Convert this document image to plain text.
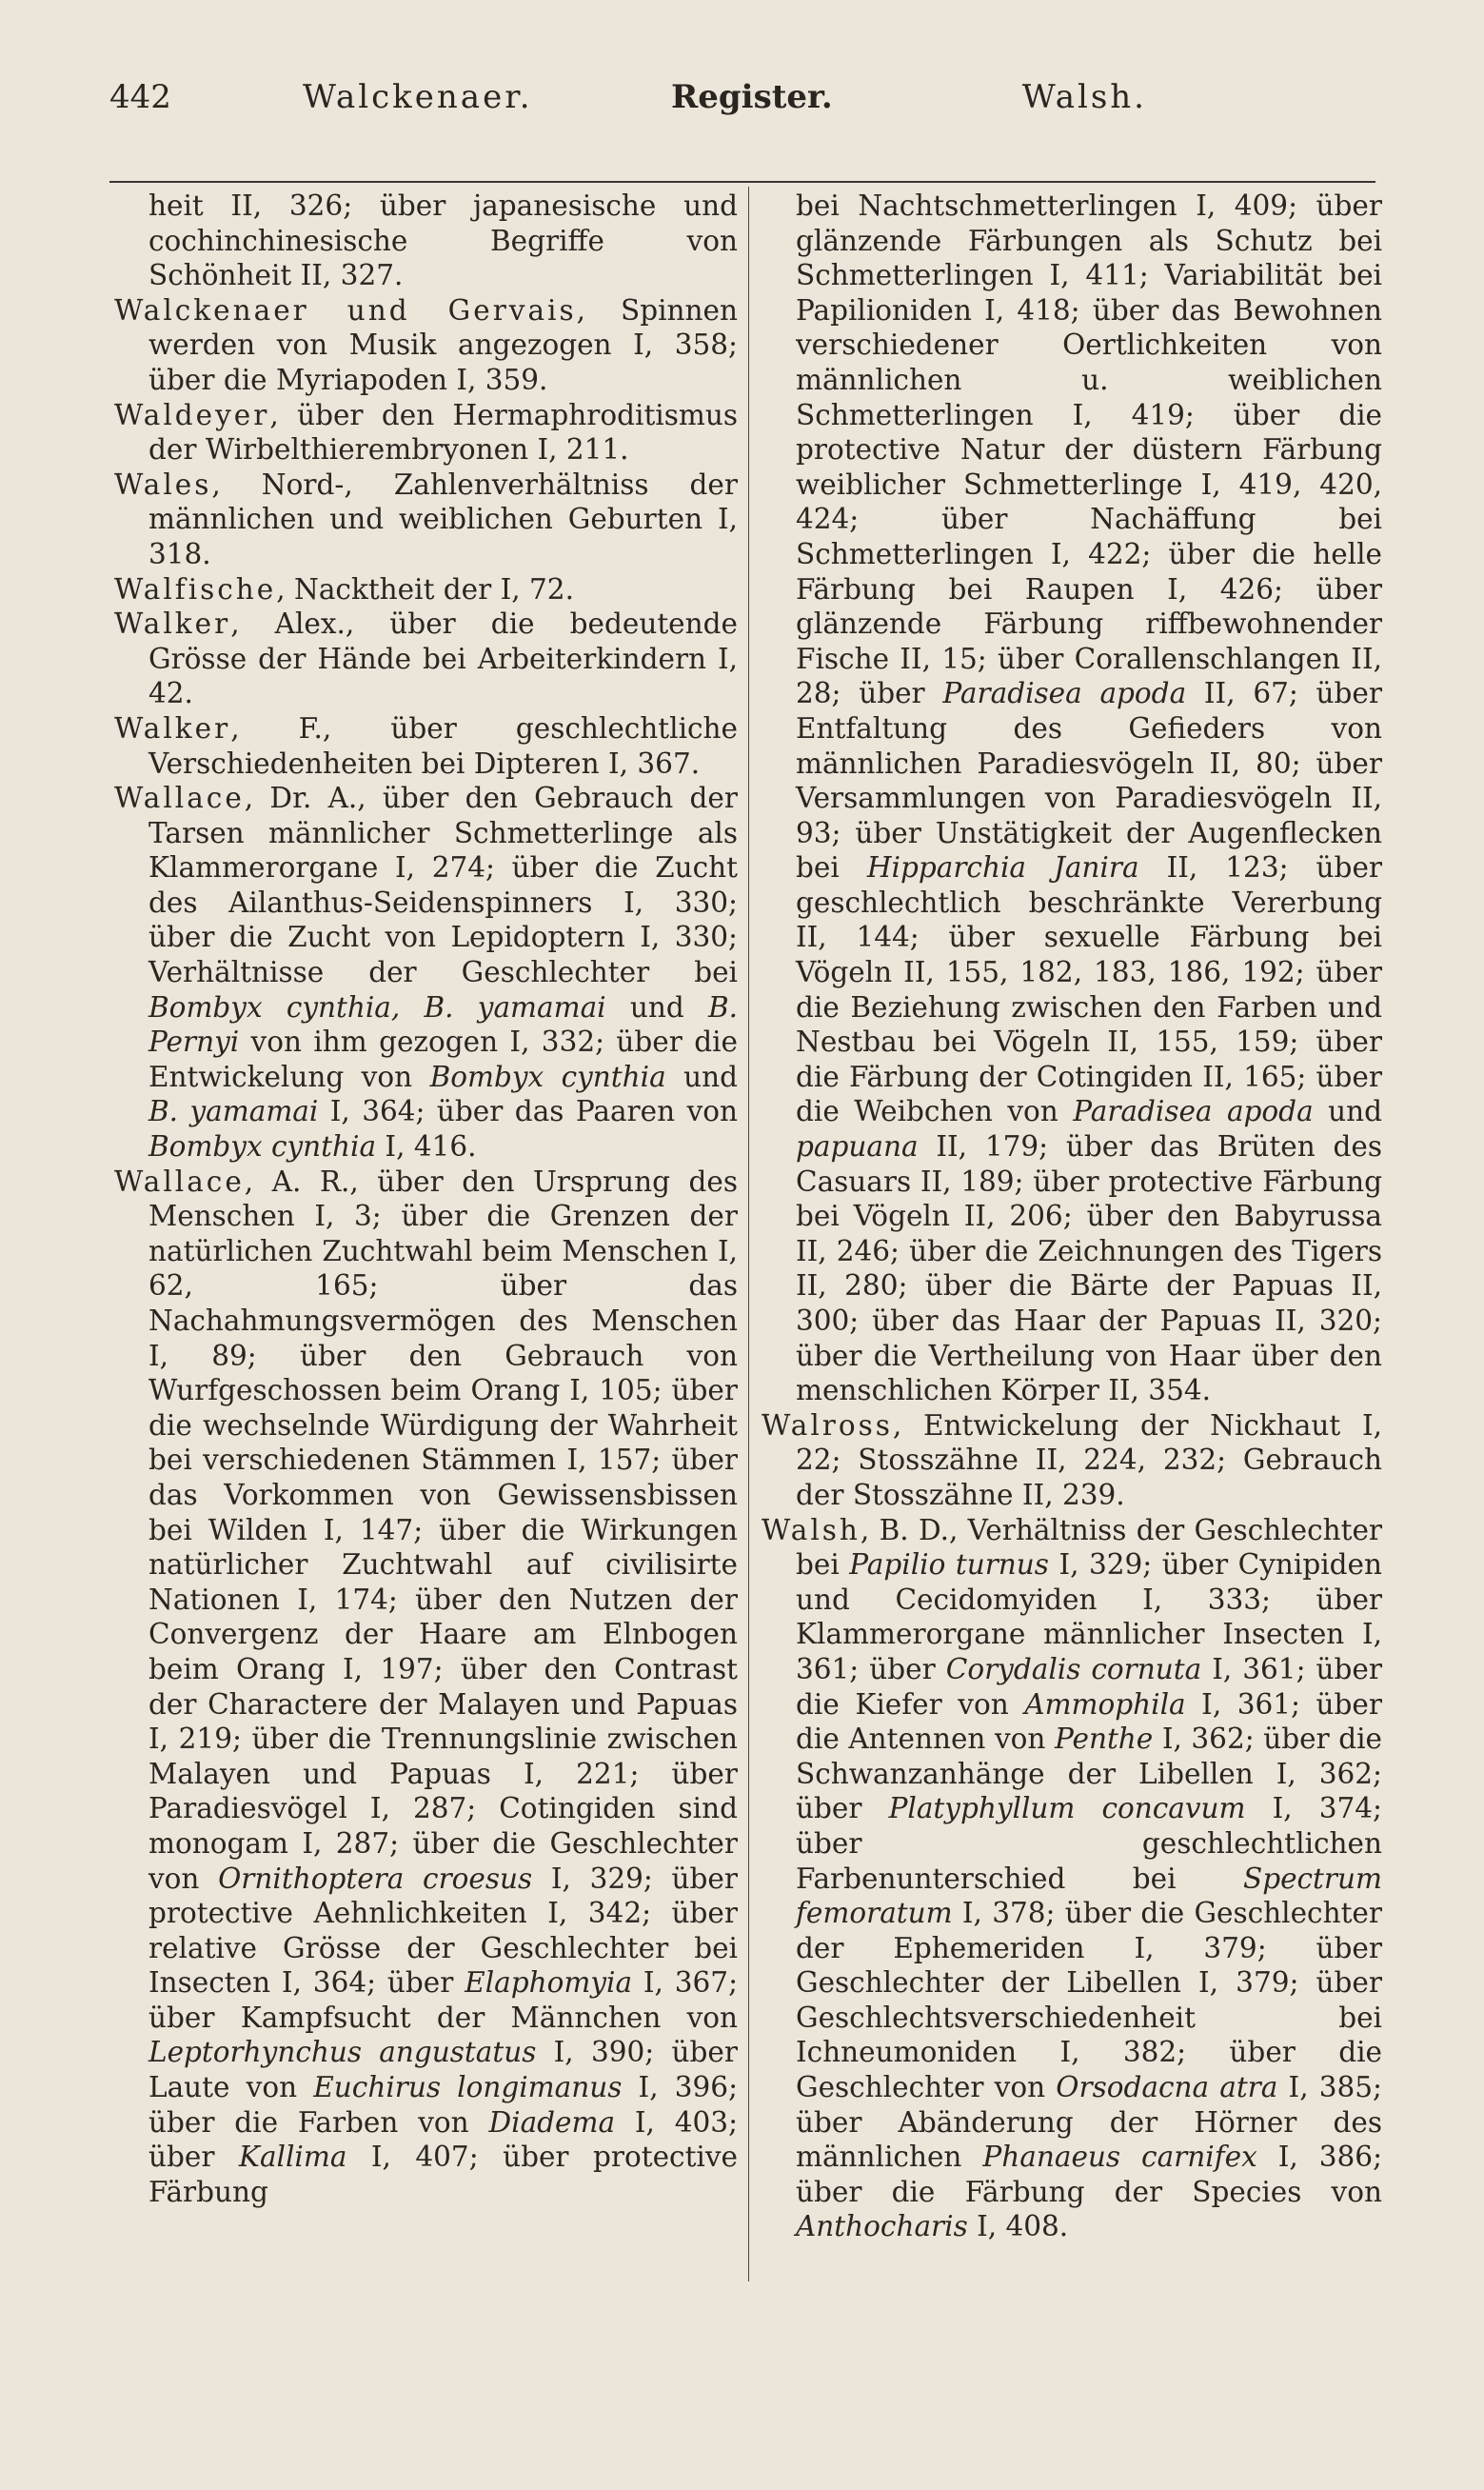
442	Walckenaer.	Register.	Walsh.

heit II, 326; über japanesische und cochinchinesische Begriffe von Schönheit II, 327.

Walckenaer und Gervais, Spinnen werden von Musik angezogen I, 358; über die Myriapoden I, 359.

Waldeyer, über den Hermaphroditismus der Wirbelthierembryonen I, 211.

Wales, Nord-, Zahlenverhältniss der männlichen und weiblichen Geburten I, 318.

Walfische, Nacktheit der I, 72.

Walker, Alex., über die bedeutende Grösse der Hände bei Arbeiterkindern I, 42.

Walker, F., über geschlechtliche Verschiedenheiten bei Dipteren I, 367.

Wallace, Dr. A., über den Gebrauch der Tarsen männlicher Schmetterlinge als Klammerorgane I, 274; über die Zucht des Ailanthus-Seidenspinners I, 330; über die Zucht von Lepidoptern I, 330; Verhältnisse der Geschlechter bei Bombyx cynthia, B. yamamai und B. Pernyi von ihm gezogen I, 332; über die Entwickelung von Bombyx cynthia und B. yamamai I, 364; über das Paaren von Bombyx cynthia I, 416.

Wallace, A. R., über den Ursprung des Menschen I, 3; über die Grenzen der natürlichen Zuchtwahl beim Menschen I, 62, 165; über das Nachahmungsvermögen des Menschen I, 89; über den Gebrauch von Wurfgeschossen beim Orang I, 105; über die wechselnde Würdigung der Wahrheit bei verschiedenen Stämmen I, 157; über das Vorkommen von Gewissensbissen bei Wilden I, 147; über die Wirkungen natürlicher Zuchtwahl auf civilisirte Nationen I, 174; über den Nutzen der Convergenz der Haare am Elnbogen beim Orang I, 197; über den Contrast der Charactere der Malayen und Papuas I, 219; über die Trennungslinie zwischen Malayen und Papuas I, 221; über Paradiesvögel I, 287; Cotingiden sind monogam I, 287; über die Geschlechter von Ornithoptera croesus I, 329; über protective Aehnlichkeiten I, 342; über relative Grösse der Geschlechter bei Insecten I, 364; über Elaphomyia I, 367; über Kampfsucht der Männchen von Leptorhynchus angustatus I, 390; über Laute von Euchirus longimanus I, 396; über die Farben von Diadema I, 403; über Kallima I, 407; über protective Färbung

bei Nachtschmetterlingen I, 409; über glänzende Färbungen als Schutz bei Schmetterlingen I, 411; Variabilität bei Papilioniden I, 418; über das Bewohnen verschiedener Oertlichkeiten von männlichen u. weiblichen Schmetterlingen I, 419; über die protective Natur der düstern Färbung weiblicher Schmetterlinge I, 419, 420, 424; über Nachäffung bei Schmetterlingen I, 422; über die helle Färbung bei Raupen I, 426; über glänzende Färbung riffbewohnender Fische II, 15; über Corallenschlangen II, 28; über Paradisea apoda II, 67; über Entfaltung des Gefieders von männlichen Paradiesvögeln II, 80; über Versammlungen von Paradiesvögeln II, 93; über Unstätigkeit der Augenflecken bei Hipparchia Janira II, 123; über geschlechtlich beschränkte Vererbung II, 144; über sexuelle Färbung bei Vögeln II, 155, 182, 183, 186, 192; über die Beziehung zwischen den Farben und Nestbau bei Vögeln II, 155, 159; über die Färbung der Cotingiden II, 165; über die Weibchen von Paradisea apoda und papuana II, 179; über das Brüten des Casuars II, 189; über protective Färbung bei Vögeln II, 206; über den Babyrussa II, 246; über die Zeichnungen des Tigers II, 280; über die Bärte der Papuas II, 300; über das Haar der Papuas II, 320; über die Vertheilung von Haar über den menschlichen Körper II, 354.

Walross, Entwickelung der Nickhaut I, 22; Stosszähne II, 224, 232; Gebrauch der Stosszähne II, 239.

Walsh, B. D., Verhältniss der Geschlechter bei Papilio turnus I, 329; über Cynipiden und Cecidomyiden I, 333; über Klammerorgane männlicher Insecten I, 361; über Corydalis cornuta I, 361; über die Kiefer von Ammophila I, 361; über die Antennen von Penthe I, 362; über die Schwanzanhänge der Libellen I, 362; über Platyphyllum concavum I, 374; über geschlechtlichen Farbenunterschied bei Spectrum femoratum I, 378; über die Geschlechter der Ephemeriden I, 379; über Geschlechter der Libellen I, 379; über Geschlechtsverschiedenheit bei Ichneumoniden I, 382; über die Geschlechter von Orsodacna atra I, 385; über Abänderung der Hörner des männlichen Phanaeus carnifex I, 386; über die Färbung der Species von Anthocharis I, 408.
